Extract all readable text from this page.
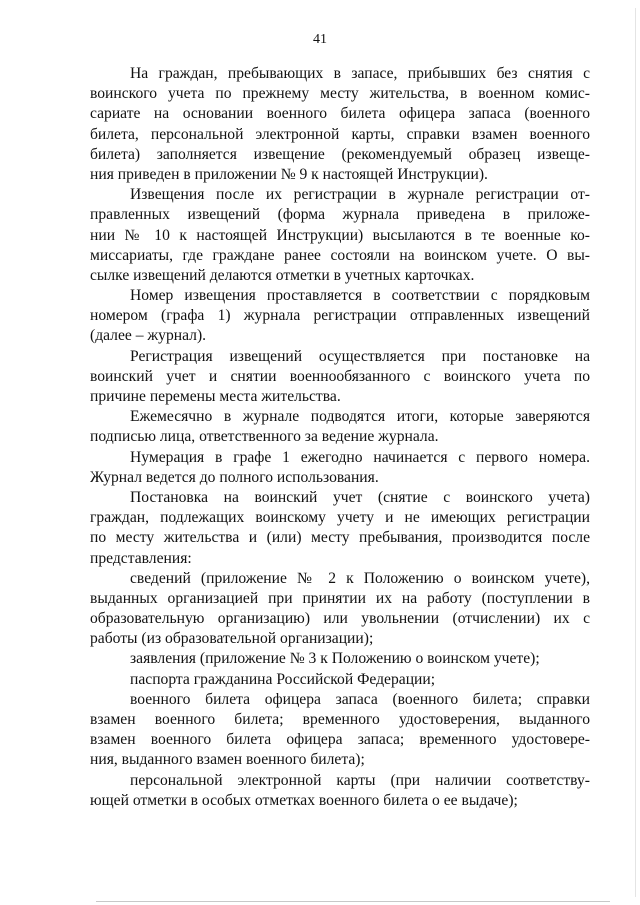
41
На граждан, пребывающих в запасе, прибывших без снятия с
воинского учета по прежнему месту жительства, в военном комис-
сариате на основании военного билета офицера запаса (военного
билета, персональной электронной карты, справки взамен военного
билета) заполняется извещение (рекомендуемый образец извеще-
ния приведен в приложении № 9 к настоящей Инструкции).
Извещения после их регистрации в журнале регистрации от-
правленных извещений (форма журнала приведена в приложе-
нии № 10 к настоящей Инструкции) высылаются в те военные ко-
миссариаты, где граждане ранее состояли на воинском учете. О вы-
сылке извещений делаются отметки в учетных карточках.
Номер извещения проставляется в соответствии с порядковым
номером (графа 1) журнала регистрации отправленных извещений
(далее – журнал).
Регистрация извещений осуществляется при постановке на
воинский учет и снятии военнообязанного с воинского учета по
причине перемены места жительства.
Ежемесячно в журнале подводятся итоги, которые заверяются
подписью лица, ответственного за ведение журнала.
Нумерация в графе 1 ежегодно начинается с первого номера.
Журнал ведется до полного использования.
Постановка на воинский учет (снятие с воинского учета)
граждан, подлежащих воинскому учету и не имеющих регистрации
по месту жительства и (или) месту пребывания, производится после
представления:
сведений (приложение № 2 к Положению о воинском учете),
выданных организацией при принятии их на работу (поступлении в
образовательную организацию) или увольнении (отчислении) их с
работы (из образовательной организации);
заявления (приложение № 3 к Положению о воинском учете);
паспорта гражданина Российской Федерации;
военного билета офицера запаса (военного билета; справки
взамен военного билета; временного удостоверения, выданного
взамен военного билета офицера запаса; временного удостовере-
ния, выданного взамен военного билета);
персональной электронной карты (при наличии соответству-
ющей отметки в особых отметках военного билета о ее выдаче);
